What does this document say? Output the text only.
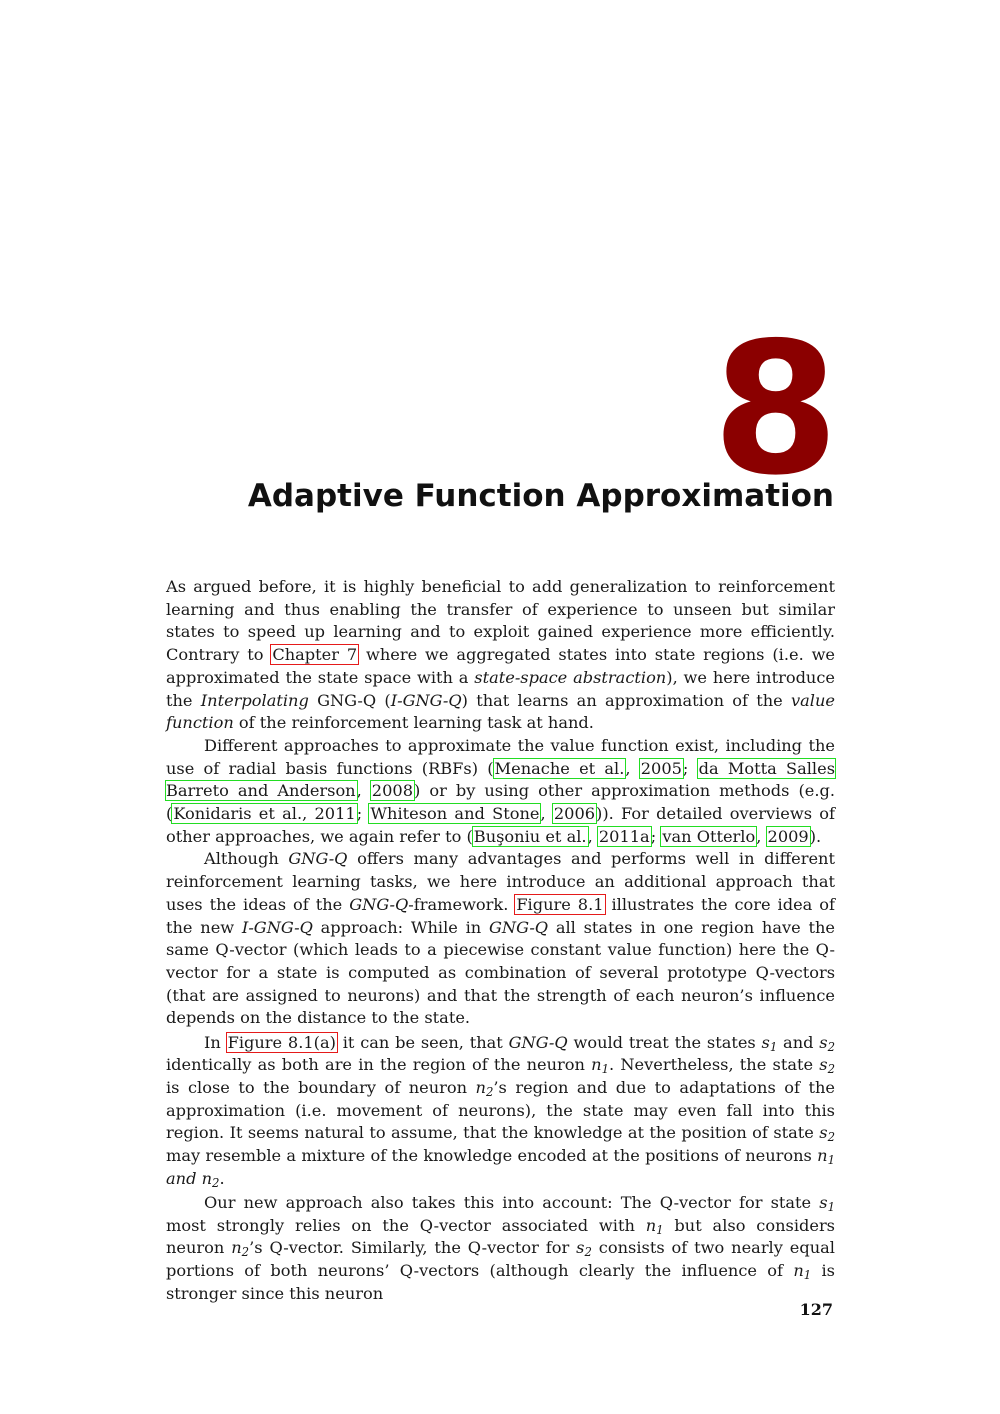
8
Adaptive Function Approximation

As argued before, it is highly beneficial to add generalization to reinforcement learning and thus enabling the transfer of experience to unseen but similar states to speed up learning and to exploit gained experience more efficiently. Contrary to Chapter 7 where we aggregated states into state regions (i.e. we approximated the state space with a state-space abstraction), we here introduce the Interpolating GNG-Q (I-GNG-Q) that learns an approximation of the value function of the reinforcement learning task at hand.

Different approaches to approximate the value function exist, including the use of radial basis functions (RBFs) (Menache et al., 2005; da Motta Salles Barreto and Anderson, 2008) or by using other approximation methods (e.g. (Konidaris et al., 2011; Whiteson and Stone, 2006)). For detailed overviews of other approaches, we again refer to (Buşoniu et al., 2011a; van Otterlo, 2009).

Although GNG-Q offers many advantages and performs well in different reinforcement learning tasks, we here introduce an additional approach that uses the ideas of the GNG-Q-framework. Figure 8.1 illustrates the core idea of the new I-GNG-Q approach: While in GNG-Q all states in one region have the same Q-vector (which leads to a piecewise constant value function) here the Q-vector for a state is computed as combination of several prototype Q-vectors (that are assigned to neurons) and that the strength of each neuron’s influence depends on the distance to the state.

In Figure 8.1(a) it can be seen, that GNG-Q would treat the states $s_1$ and $s_2$ identically as both are in the region of the neuron $n_1$. Nevertheless, the state $s_2$ is close to the boundary of neuron $n_2’s$ region and due to adaptations of the approximation (i.e. movement of neurons), the state may even fall into this region. It seems natural to assume, that the knowledge at the position of state $s_2$ may resemble a mixture of the knowledge encoded at the positions of neurons $n_1$ and $n_2$.

Our new approach also takes this into account: The Q-vector for state $s_1$ most strongly relies on the Q-vector associated with $n_1$ but also considers neuron $n_2’s$ Q-vector. Similarly, the Q-vector for $s_2$ consists of two nearly equal portions of both neurons’ Q-vectors (although clearly the influence of $n_1$ is stronger since this neuron

127
